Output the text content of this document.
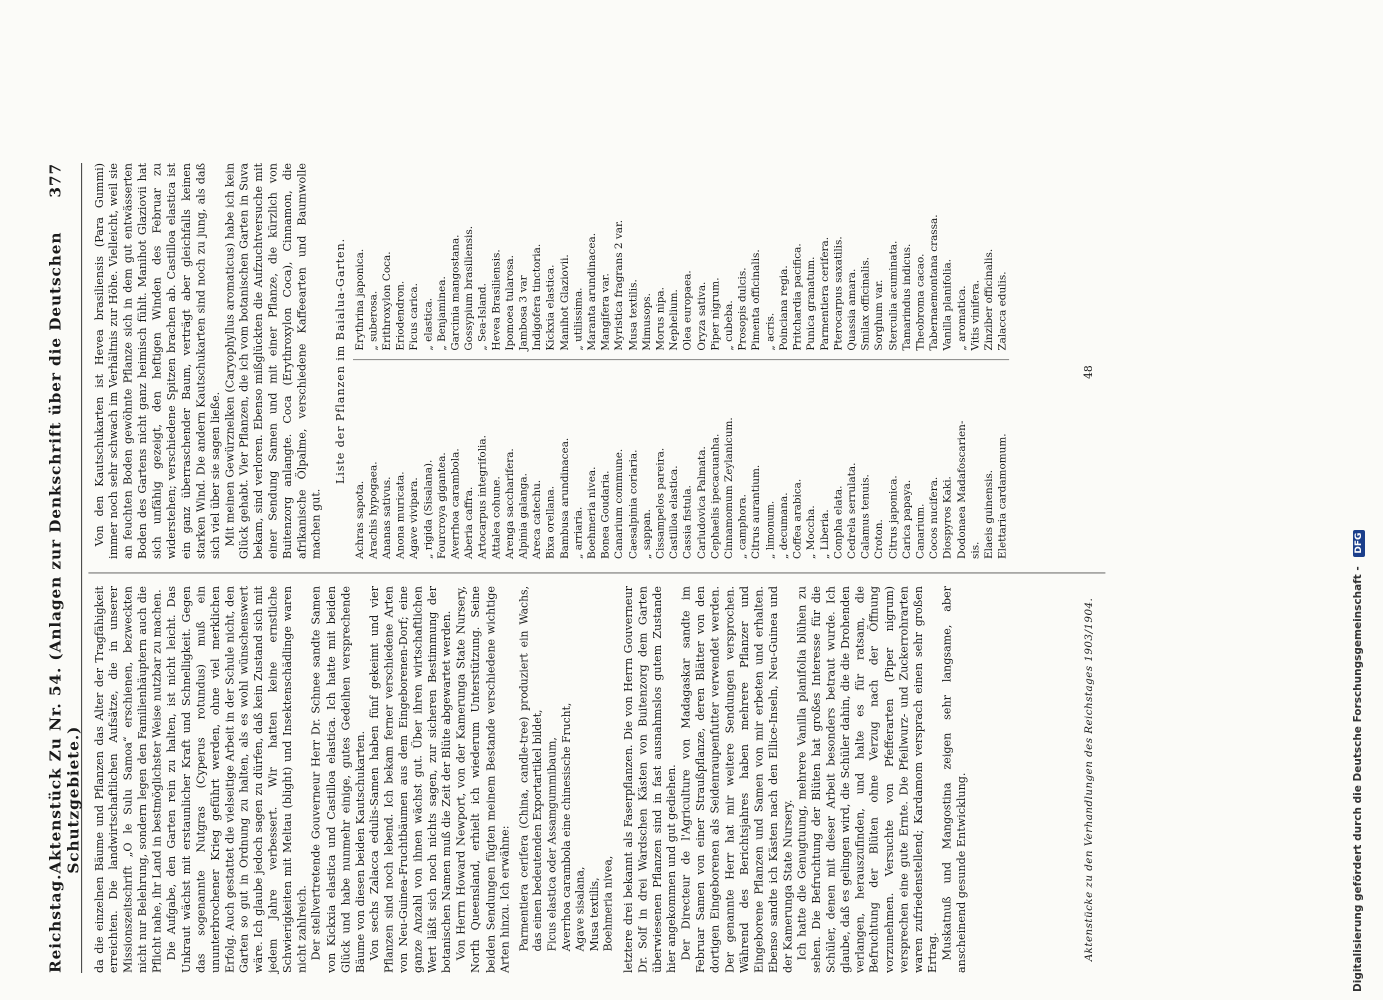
Reichstag.
Aktenstück Zu Nr. 54. (Anlagen zur Denkschrift über die Deutschen Schutzgebiete.)
377

da die einzelnen Bäume und Pflanzen das Alter der Tragfähigkeit erreichten. Die landwirtschaftlichen Aufsätze, die in unserer Missionszeitschrift „O le Sulu Samoa“ erschienen, bezweckten nicht nur Belehrung, sondern legen den Familienhäuptern auch die Pflicht nahe, ihr Land in bestmöglichster Weise nutzbar zu machen. Die Aufgabe, den Garten rein zu halten, ist nicht leicht. Das Unkraut wächst mit erstaunlicher Kraft und Schnelligkeit. Gegen das sogenannte Nutgras (Cyperus rotundus) muß ein ununterbrochener Krieg geführt werden, ohne viel merklichen Erfolg. Auch gestattet die vielseitige Arbeit in der Schule nicht, den Garten so gut in Ordnung zu halten, als es wohl wünschenswert wäre. Ich glaube jedoch sagen zu dürfen, daß kein Zustand sich mit jedem Jahre verbessert. Wir hatten keine ernstliche Schwierigkeiten mit Meltau (blight) und Insektenschädlinge waren nicht zahlreich. Der stellvertretende Gouverneur Herr Dr. Schnee sandte Samen von Kickxia elastica und Castilloa elastica. Ich hatte mit beiden Glück und habe nunmehr einige, gutes Gedeihen versprechende Bäume von diesen beiden Kautschukarten. Von sechs Zalacca edulis-Samen haben fünf gekeimt und vier Pflanzen sind noch lebend. Ich bekam ferner verschiedene Arten von Neu-Guinea-Fruchtbäumen aus dem Eingeborenen-Dorf; eine ganze Anzahl von ihnen wächst gut. Über ihren wirtschaftlichen Wert läßt sich noch nichts sagen, zur sicheren Bestimmung der botanischen Namen muß die Zeit der Blüte abgewartet werden. Von Herrn Howard Newport, von der Kamerunga State Nursery, North Queensland, erhielt ich wiederum Unterstützung. Seine beiden Sendungen fügten meinem Bestande verschiedene wichtige Arten hinzu. Ich erwähne: Parmentiera cerifera (China, candle-tree) produziert ein Wachs, das einen bedeutenden Exportartikel bildet, Ficus elastica oder Assamgummibaum, Averrhoa carambola eine chinesische Frucht, Agave sisalana, Musa textilis, Boehmeria nivea, letztere drei bekannt als Faserpflanzen. Die von Herrn Gouverneur Dr. Solf in drei Wardschen Kästen von Buitenzorg dem Garten überwiesenen Pflanzen sind in fast ausnahmslos gutem Zustande hier angekommen und gut gediehen. Der Directeur de l'Agriculture von Madagaskar sandte im Februar Samen von einer Straußpflanze, deren Blätter von den dortigen Eingeborenen als Seidenraupenfutter verwendet werden. Der genannte Herr hat mir weitere Sendungen versprochen. Während des Berichtsjahres haben mehrere Pflanzer und Eingeborene Pflanzen und Samen von mir erbeten und erhalten. Ebenso sandte ich Kästen nach den Ellice-Inseln, Neu-Guinea und der Kamerunga State Nursery. Ich hatte die Genugtuung, mehrere Vanilla planifolia blühen zu sehen. Die Befruchtung der Blüten hat großes Interesse für die Schüler, denen mit dieser Arbeit besonders betraut wurde. Ich glaube, daß es gelingen wird, die Schüler dahin, die die Drohenden verlangen, herauszufinden, und halte es für ratsam, die Befruchtung der Blüten ohne Verzug nach der Öffnung vorzunehmen. Versuchte von Pfefferarten (Piper nigrum) versprechen eine gute Ernte. Die Pfeilwurz- und Zuckerrohrarten waren zufriedenstellend; Kardamom versprach einen sehr großen Ertrag. Muskatnuß und Mangostina zeigen sehr langsame, aber anscheinend gesunde Entwicklung.

Von den Kautschukarten ist Hevea brasiliensis (Para Gummi) immer noch sehr schwach im Verhältnis zur Höhe. Vielleicht, weil sie an feuchten Boden gewöhnte Pflanze sich in dem gut entwässerten Boden des Gartens nicht ganz heimisch fühlt. Manihot Glaziovii hat sich unfähig gezeigt, den heftigen Winden des Februar zu widerstehen; verschiedene Spitzen brachen ab. Castilloa elastica ist ein ganz überraschender Baum, verträgt aber gleichfalls keinen starken Wind. Die andern Kautschukarten sind noch zu jung, als daß sich viel über sie sagen ließe. Mit meinen Gewürznelken (Caryophyllus aromaticus) habe ich kein Glück gehabt. Vier Pflanzen, die ich vom botanischen Garten in Suva bekam, sind verloren. Ebenso mißglückten die Aufzuchtversuche mit einer Sendung Samen und mit einer Pflanze, die kürzlich von Buitenzorg anlangte. Coca (Erythroxylon Coca), Cinnamon, die afrikanische Ölpalme, verschiedene Kaffeearten und Baumwolle machen gut.

Liste der Pflanzen im Baialua-Garten.
Achras sapota. Arachis hypogaea. Ananas sativus. Anona muricata. Agave vivipara. „ rigida (Sisalana). Fourcroya gigantea. Averrhoa carambola. Aberia caffra. Artocarpus integrifolia. Attalea cohune. Arenga saccharifera. Alpinia galanga. Areca catechu. Bixa orellana. Bambusa arundinacea. „ arriaria. Boehmeria nivea. Bonea Goudaria. Canarium commune. Caesalpinia coriaria. „ sappan. Cissampelos pareira. Castilloa elastica. Cassia fistula. Carludovica Palmata. Cephaelis ipecacuanha. Cinnamomum Zeylanicum. „ camphora. Citrus aurantium. „ limonum. „ decumana. Coffea arabica. „ Moccha. „ Liberia. Conpha elata. Cedrela serrulata. Calamus tenuis. Croton. Citrus japonica. Carica papaya. Canarium. Cocos nucifera. Diospyros Kaki. Dodonaea Madafoscarien- sis. Elaeis guinensis. Elettaria cardamomum.
Erythrina japonica. „ suberosa. Erithroxylon Coca. Eriodendron. Ficus carica. „ elastica. „ Benjaminea. Garcinia mangostana. Gossypium brasiliensis. „ Sea-Island. Hevea Brasiliensis. Ipomoea tularosa. Jambosa 3 var Indigofera tinctoria. Kickxia elastica. Manihot Glaziovii. „ utilissima. Maranta arundinacea. Mangifera var. Myristica fragrans 2 var. Musa textilis. Mimusops. Morus nipa. Nephelium. Olea europaea. Oryza sativa. Piper nigrum. „ cubeba. Prosopis dulcis. Pimenta officinalis. „ acris. Poinciana regia. Pritchardia pacifica. Punica granatum. Parmentiera cerifera. Pterocarpus saxatilis. Quassia amara. Smilax officinalis. Sorghum var. Sterculia acuminata. Tamarindus indicus. Theobroma cacao. Tabernaemontana crassa. Vanilla planifolia. „ aromatica. Vitis vinifera. Zinziber officinalis. Zalacca edulis.
Aktenstücke zu den Verhandlungen des Reichstages 1903/1904.
48
Digitalisierung gefördert durch die Deutsche Forschungsgemeinschaft - DFG
